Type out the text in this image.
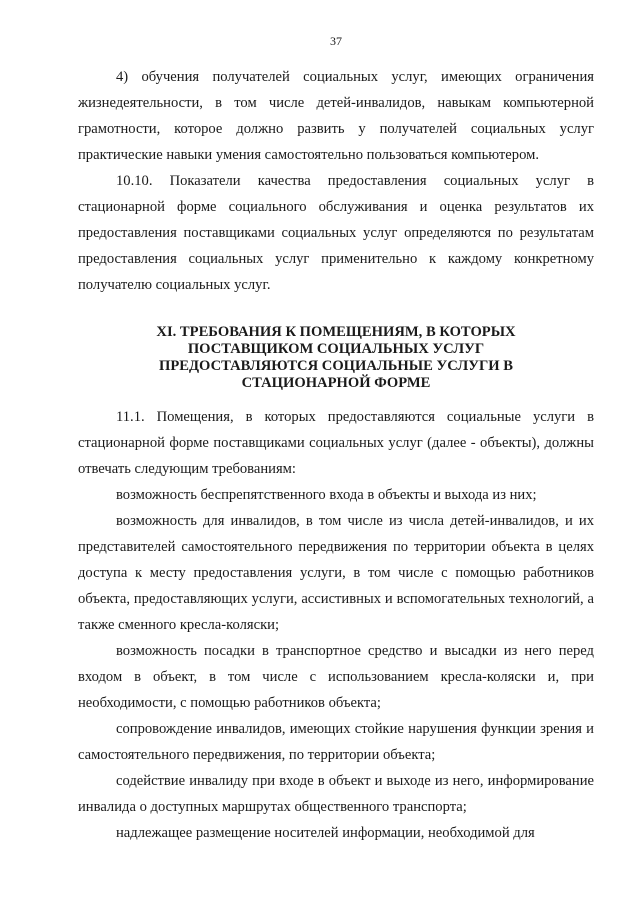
37

4) обучения получателей социальных услуг, имеющих ограничения жизнедеятельности, в том числе детей-инвалидов, навыкам компьютерной грамотности, которое должно развить у получателей социальных услуг практические навыки умения самостоятельно пользоваться компьютером.

10.10. Показатели качества предоставления социальных услуг в стационарной форме социального обслуживания и оценка результатов их предоставления поставщиками социальных услуг определяются по результатам предоставления социальных услуг применительно к каждому конкретному получателю социальных услуг.

XI. ТРЕБОВАНИЯ К ПОМЕЩЕНИЯМ, В КОТОРЫХ ПОСТАВЩИКОМ СОЦИАЛЬНЫХ УСЛУГ ПРЕДОСТАВЛЯЮТСЯ СОЦИАЛЬНЫЕ УСЛУГИ В СТАЦИОНАРНОЙ ФОРМЕ

11.1. Помещения, в которых предоставляются социальные услуги в стационарной форме поставщиками социальных услуг (далее - объекты), должны отвечать следующим требованиям:

возможность беспрепятственного входа в объекты и выхода из них;

возможность для инвалидов, в том числе из числа детей-инвалидов, и их представителей самостоятельного передвижения по территории объекта в целях доступа к месту предоставления услуги, в том числе с помощью работников объекта, предоставляющих услуги, ассистивных и вспомогательных технологий, а также сменного кресла-коляски;

возможность посадки в транспортное средство и высадки из него перед входом в объект, в том числе с использованием кресла-коляски и, при необходимости, с помощью работников объекта;

сопровождение инвалидов, имеющих стойкие нарушения функции зрения и самостоятельного передвижения, по территории объекта;

содействие инвалиду при входе в объект и выходе из него, информирование инвалида о доступных маршрутах общественного транспорта;

надлежащее размещение носителей информации, необходимой для
